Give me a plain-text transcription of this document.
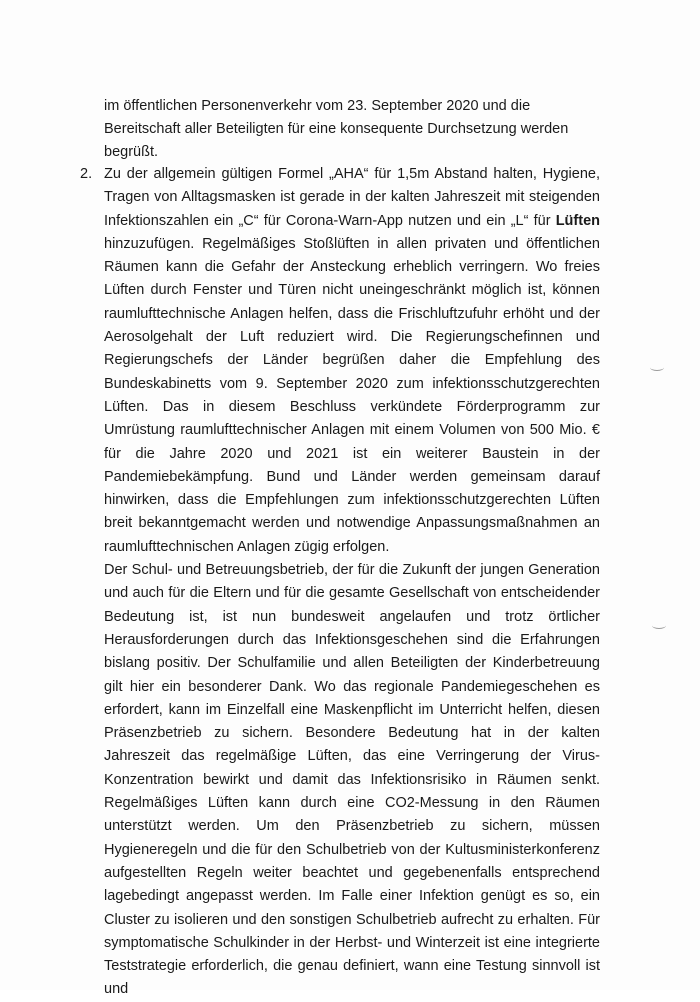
im öffentlichen Personenverkehr vom 23. September 2020 und die Bereitschaft aller Beteiligten für eine konsequente Durchsetzung werden begrüßt.

2. Zu der allgemein gültigen Formel „AHA“ für 1,5m Abstand halten, Hygiene, Tragen von Alltagsmasken ist gerade in der kalten Jahreszeit mit steigenden Infektionszahlen ein „C“ für Corona-Warn-App nutzen und ein „L“ für Lüften hinzuzufügen. Regelmäßiges Stoßlüften in allen privaten und öffentlichen Räumen kann die Gefahr der Ansteckung erheblich verringern. Wo freies Lüften durch Fenster und Türen nicht uneingeschränkt möglich ist, können raumlufttechnische Anlagen helfen, dass die Frischluftzufuhr erhöht und der Aerosolgehalt der Luft reduziert wird. Die Regierungschefinnen und Regierungschefs der Länder begrüßen daher die Empfehlung des Bundeskabinetts vom 9. September 2020 zum infektionsschutzgerechten Lüften. Das in diesem Beschluss verkündete Förderprogramm zur Umrüstung raumlufttechnischer Anlagen mit einem Volumen von 500 Mio. € für die Jahre 2020 und 2021 ist ein weiterer Baustein in der Pandemiebekämpfung. Bund und Länder werden gemeinsam darauf hinwirken, dass die Empfehlungen zum infektionsschutzgerechten Lüften breit bekanntgemacht werden und notwendige Anpassungsmaßnahmen an raumlufttechnischen Anlagen zügig erfolgen.

Der Schul- und Betreuungsbetrieb, der für die Zukunft der jungen Generation und auch für die Eltern und für die gesamte Gesellschaft von entscheidender Bedeutung ist, ist nun bundesweit angelaufen und trotz örtlicher Herausforderungen durch das Infektionsgeschehen sind die Erfahrungen bislang positiv. Der Schulfamilie und allen Beteiligten der Kinderbetreuung gilt hier ein besonderer Dank. Wo das regionale Pandemiegeschehen es erfordert, kann im Einzelfall eine Maskenpflicht im Unterricht helfen, diesen Präsenzbetrieb zu sichern. Besondere Bedeutung hat in der kalten Jahreszeit das regelmäßige Lüften, das eine Verringerung der Virus-Konzentration bewirkt und damit das Infektionsrisiko in Räumen senkt. Regelmäßiges Lüften kann durch eine CO2-Messung in den Räumen unterstützt werden. Um den Präsenzbetrieb zu sichern, müssen Hygieneregeln und die für den Schulbetrieb von der Kultusministerkonferenz aufgestellten Regeln weiter beachtet und gegebenenfalls entsprechend lagebedingt angepasst werden. Im Falle einer Infektion genügt es so, ein Cluster zu isolieren und den sonstigen Schulbetrieb aufrecht zu erhalten. Für symptomatische Schulkinder in der Herbst- und Winterzeit ist eine integrierte Teststrategie erforderlich, die genau definiert, wann eine Testung sinnvoll ist und
